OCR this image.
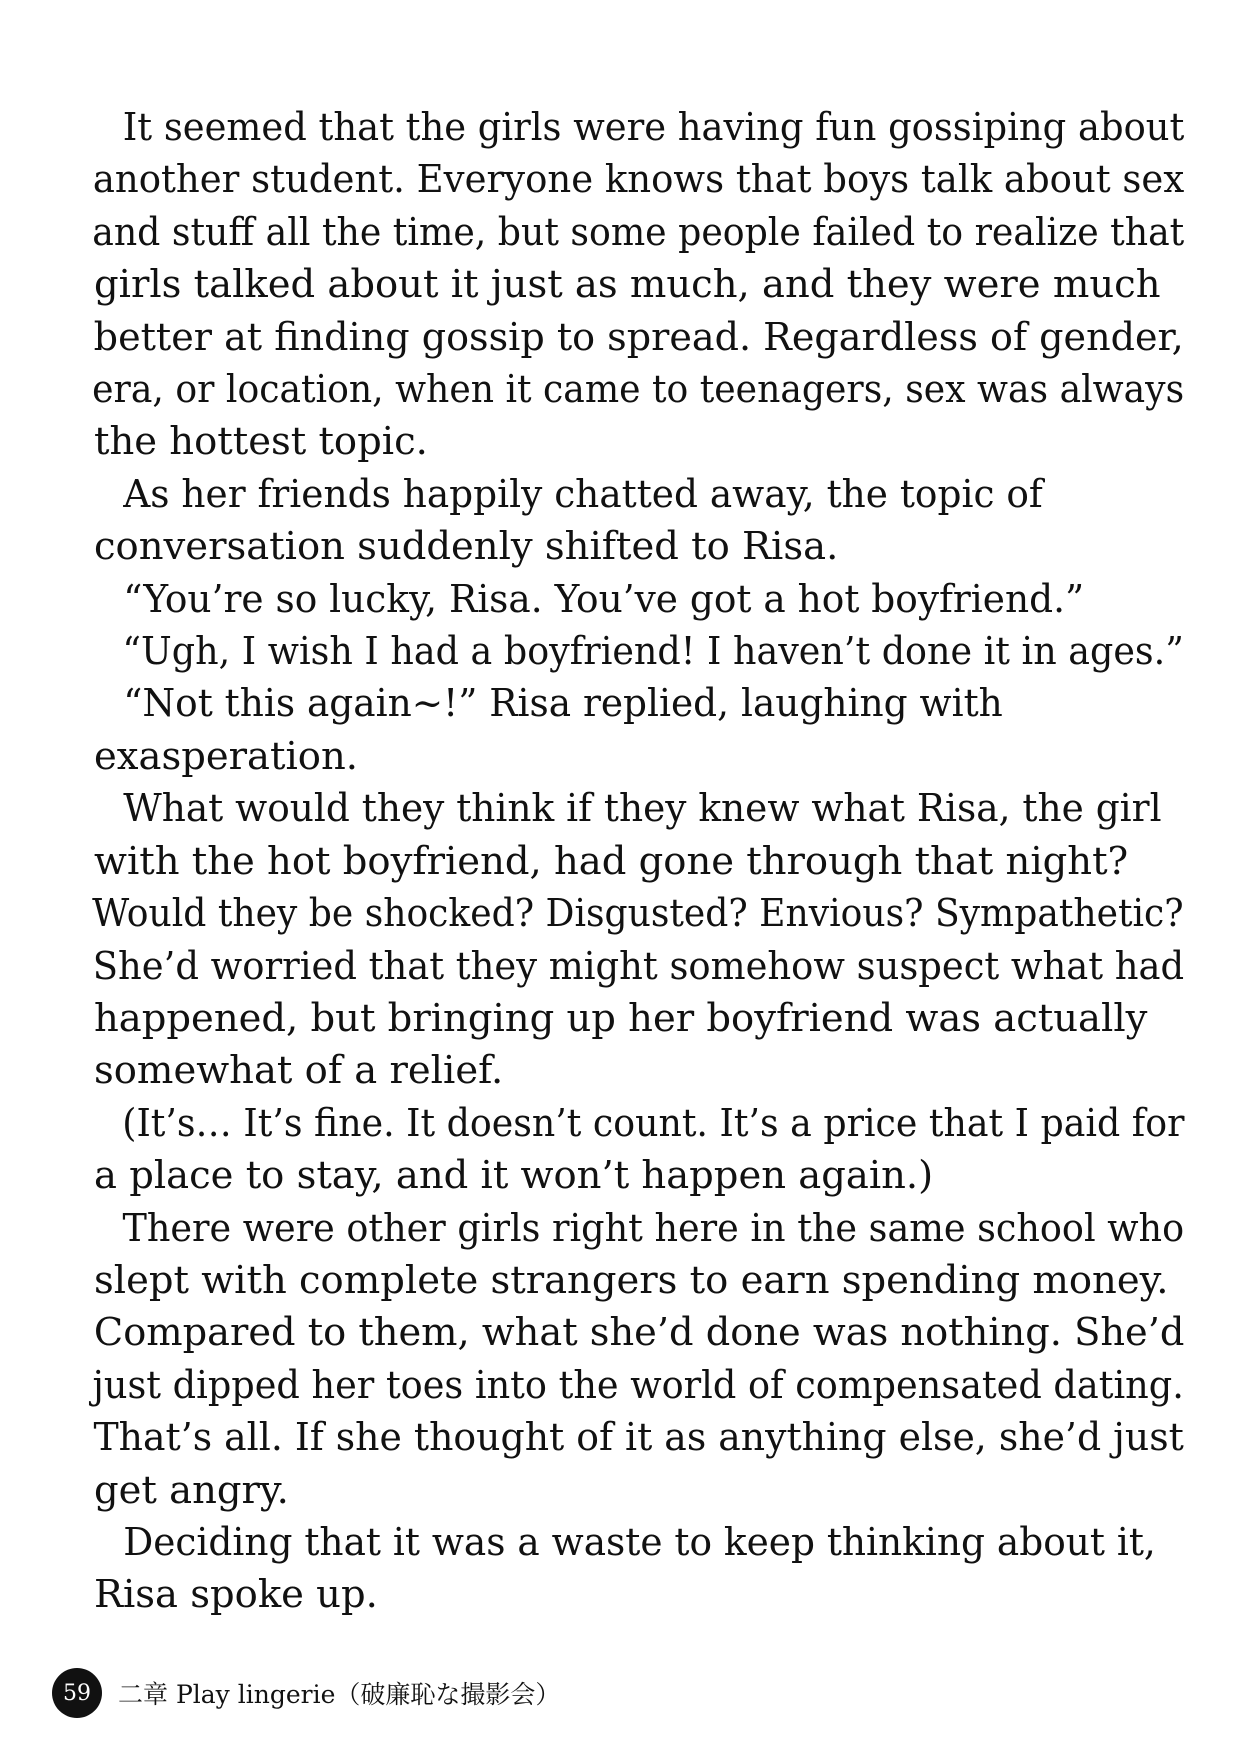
It seemed that the girls were having fun gossiping about
another student. Everyone knows that boys talk about sex
and stuff all the time, but some people failed to realize that

girls talked about it just as much, and they were much
better at finding gossip to spread. Regardless of gender,
era, or location, when it came to teenagers, sex was always

the hottest topic.

As her friends happily chatted away, the topic of

conversation suddenly shifted to Risa.

“You’re so lucky, Risa. You’ve got a hot boyfriend.”

“Ugh, I wish I had a boyfriend! I haven’t done it in ages.”

“Not this again~!” Risa replied, laughing with

exasperation.

What would they think if they knew what Risa, the girl

with the hot boyfriend, had gone through that night?
Would they be shocked? Disgusted? Envious? Sympathetic?
She’d worried that they might somehow suspect what had

happened, but bringing up her boyfriend was actually
somewhat of a relief.

(It’s… It’s fine. It doesn’t count. It’s a price that I paid for

a place to stay, and it won’t happen again.)

There were other girls right here in the same school who

slept with complete strangers to earn spending money.
Compared to them, what she’d done was nothing. She’d
just dipped her toes into the world of compensated dating.
That’s all. If she thought of it as anything else, she’d just

get angry.

Deciding that it was a waste to keep thinking about it,

Risa spoke up.

59	二章 Play lingerie（破廉恥な撮影会）
